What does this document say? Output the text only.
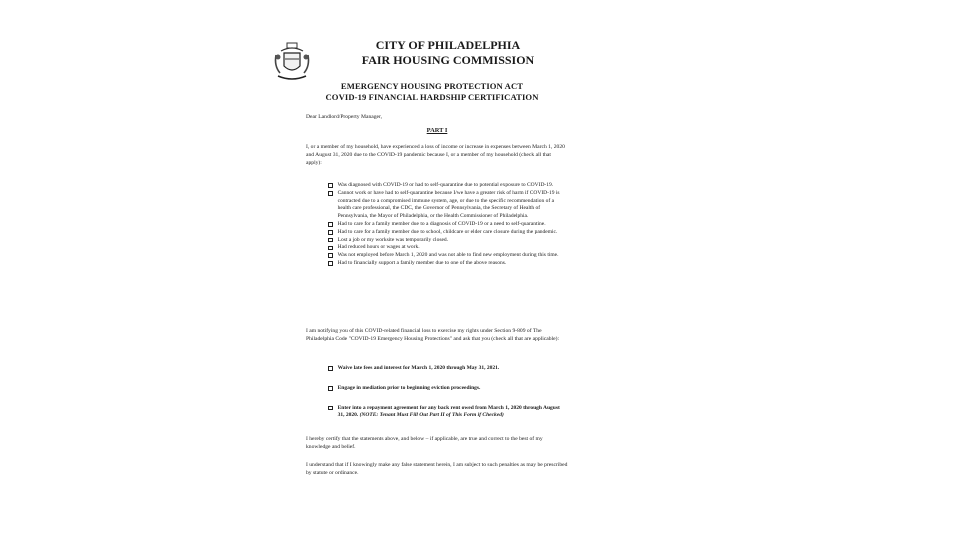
CITY OF PHILADELPHIA
FAIR HOUSING COMMISSION
EMERGENCY HOUSING PROTECTION ACT
COVID-19 FINANCIAL HARDSHIP CERTIFICATION
Dear Landlord/Property Manager,
PART I
I, or a member of my household, have experienced a loss of income or increase in expenses between March 1, 2020 and August 31, 2020 due to the COVID-19 pandemic because I, or a member of my household (check all that apply):
Was diagnosed with COVID-19 or had to self-quarantine due to potential exposure to COVID-19.
Cannot work or have had to self-quarantine because I/we have a greater risk of harm if COVID-19 is contracted due to a compromised immune system, age, or due to the specific recommendation of a health care professional, the CDC, the Governor of Pennsylvania, the Secretary of Health of Pennsylvania, the Mayor of Philadelphia, or the Health Commissioner of Philadelphia.
Had to care for a family member due to a diagnosis of COVID-19 or a need to self-quarantine.
Had to care for a family member due to school, childcare or elder care closure during the pandemic.
Lost a job or my worksite was temporarily closed.
Had reduced hours or wages at work.
Was not employed before March 1, 2020 and was not able to find new employment during this time.
Had to financially support a family member due to one of the above reasons.
I am notifying you of this COVID-related financial loss to exercise my rights under Section 9-809 of The Philadelphia Code "COVID-19 Emergency Housing Protections" and ask that you (check all that are applicable):
Waive late fees and interest for March 1, 2020 through May 31, 2021.
Engage in mediation prior to beginning eviction proceedings.
Enter into a repayment agreement for any back rent owed from March 1, 2020 through August 31, 2020. (NOTE: Tenant Must Fill Out Part II of This Form if Checked)
I hereby certify that the statements above, and below – if applicable, are true and correct to the best of my knowledge and belief.
I understand that if I knowingly make any false statement herein, I am subject to such penalties as may be prescribed by statute or ordinance.
